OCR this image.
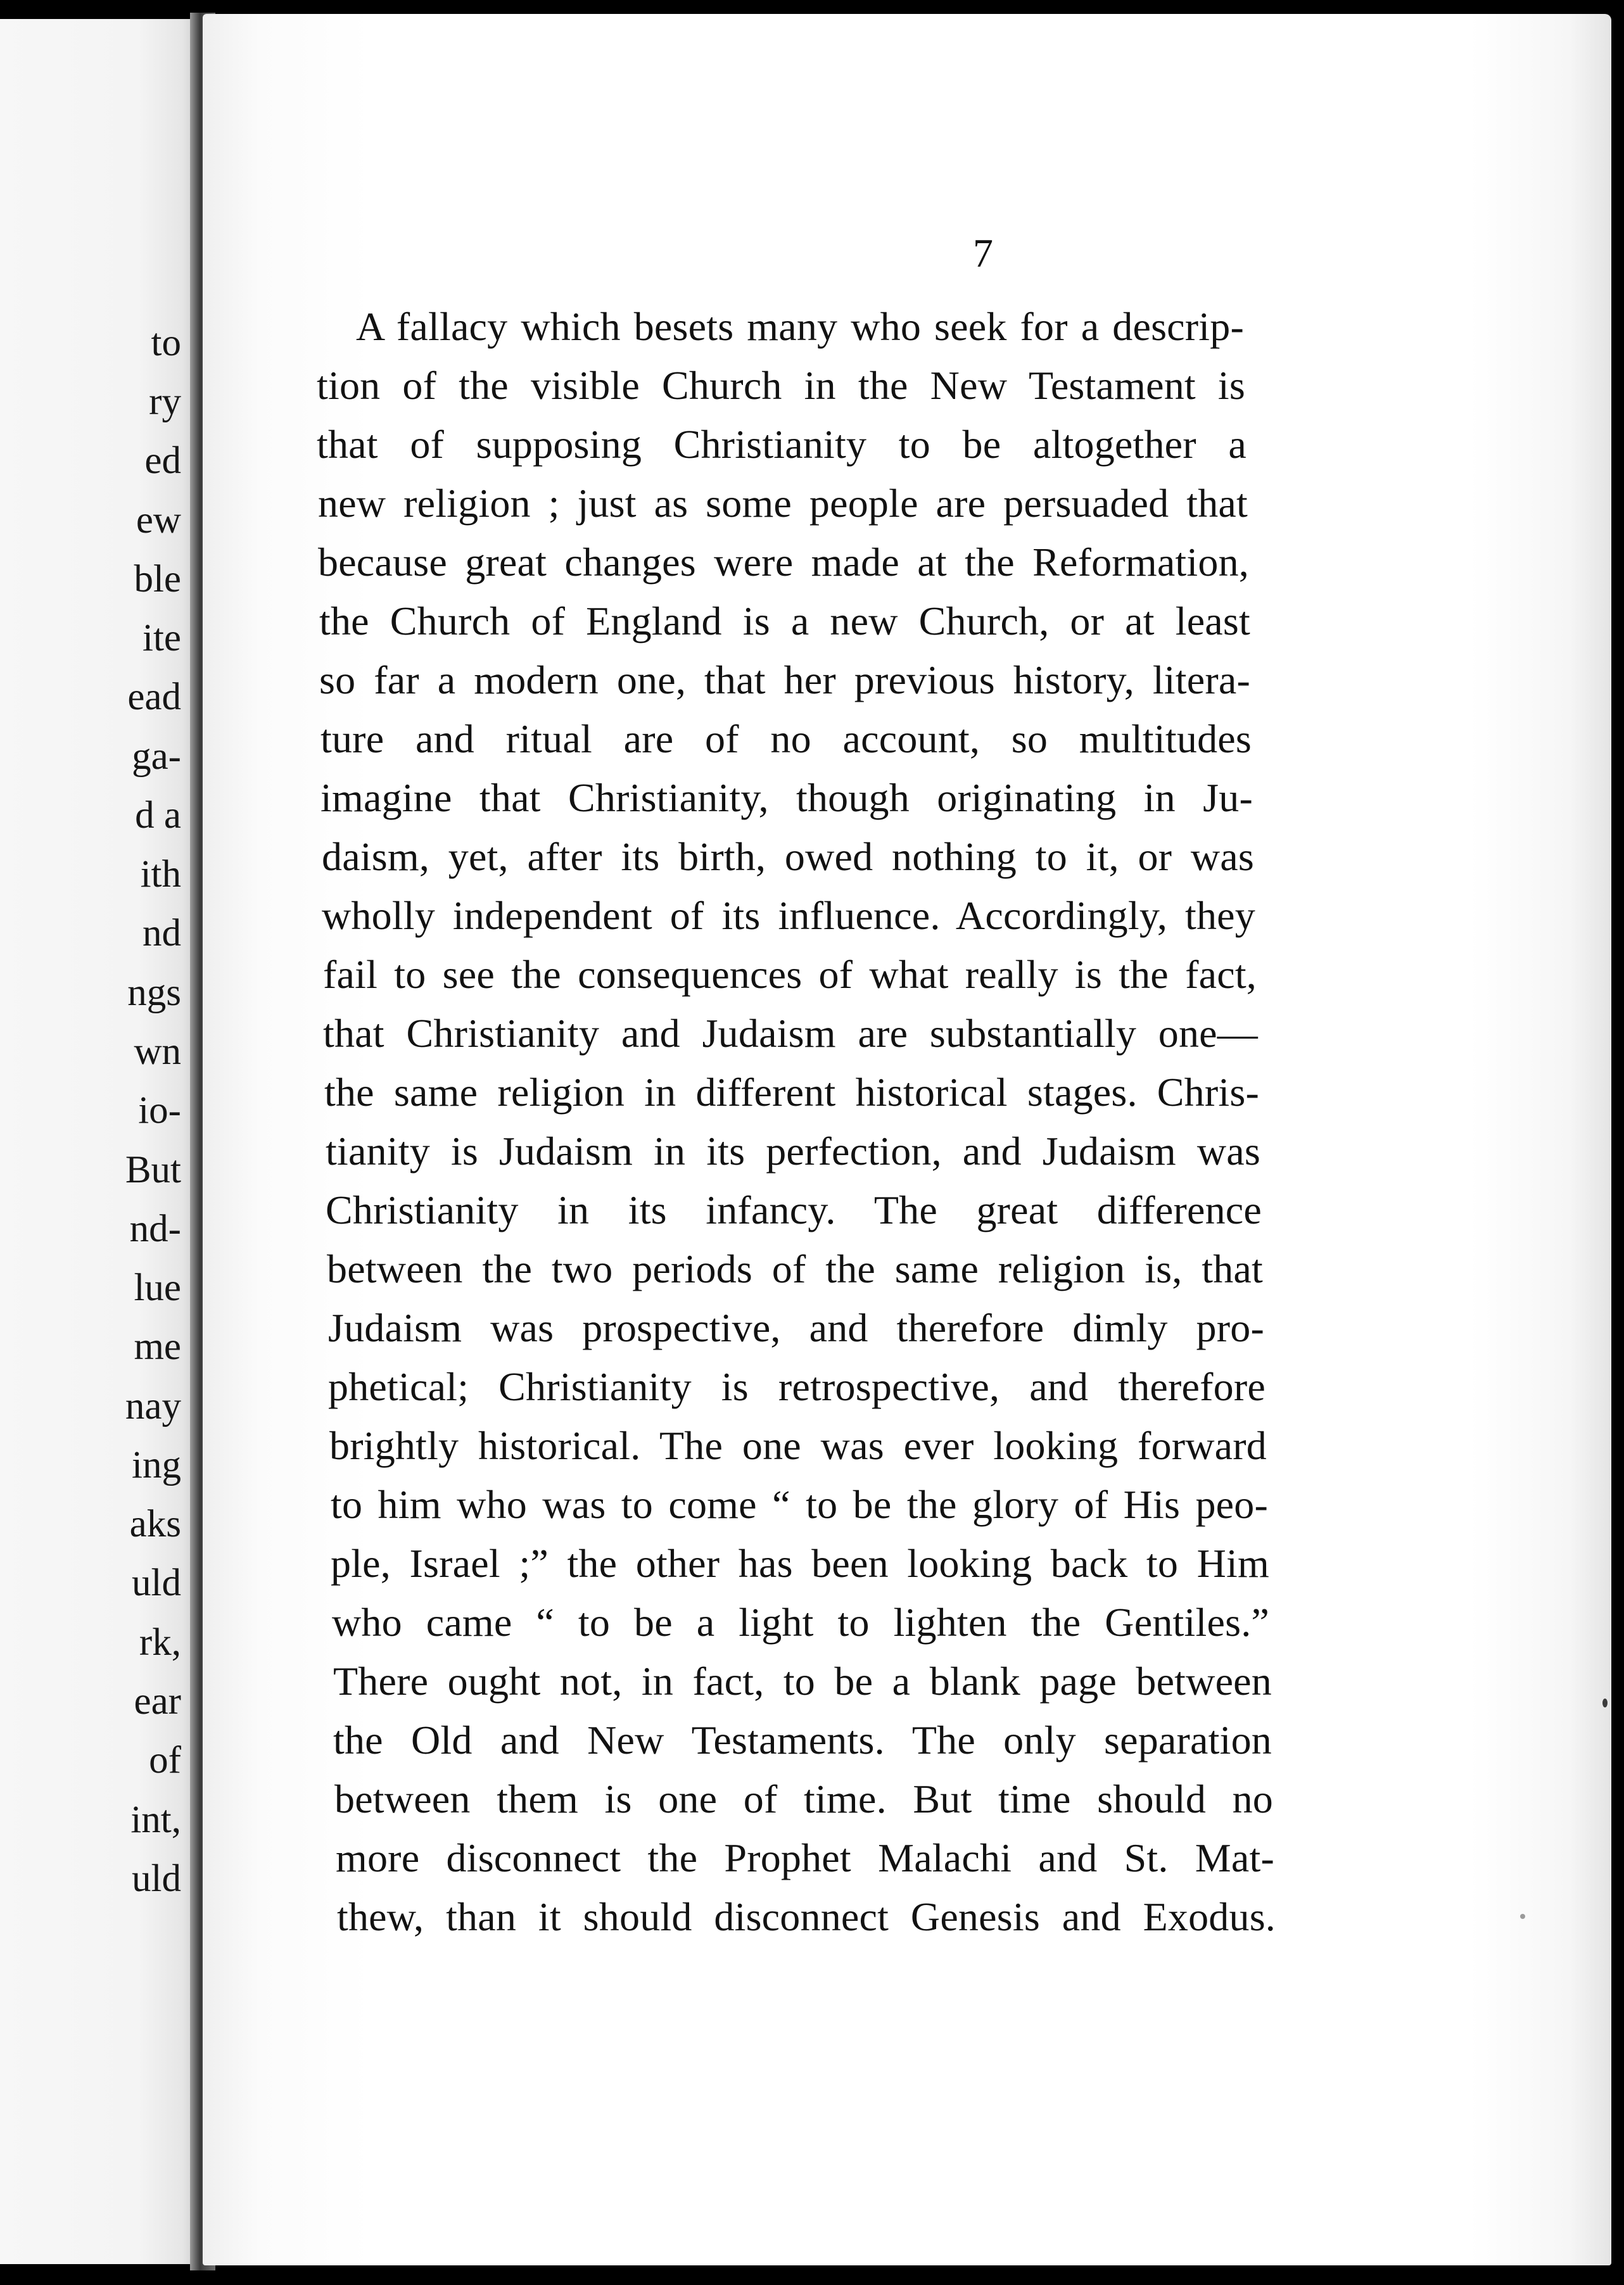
to
ry
ed
ew
ble
ite
ead
ga-
d a
ith
nd
ngs
wn
io-
But
nd-
lue
me
nay
ing
aks
uld
rk,
ear
of
int,
uld
7
A fallacy which besets many who seek for a descrip-
tion of the visible Church in the New Testament is
that of supposing Christianity to be altogether a
new religion ; just as some people are persuaded that
because great changes were made at the Reformation,
the Church of England is a new Church, or at least
so far a modern one, that her previous history, litera-
ture and ritual are of no account, so multitudes
imagine that Christianity, though originating in Ju-
daism, yet, after its birth, owed nothing to it, or was
wholly independent of its influence. Accordingly, they
fail to see the consequences of what really is the fact,
that Christianity and Judaism are substantially one—
the same religion in different historical stages. Chris-
tianity is Judaism in its perfection, and Judaism was
Christianity in its infancy. The great difference
between the two periods of the same religion is, that
Judaism was prospective, and therefore dimly pro-
phetical; Christianity is retrospective, and therefore
brightly historical. The one was ever looking forward
to him who was to come “ to be the glory of His peo-
ple, Israel ;” the other has been looking back to Him
who came “ to be a light to lighten the Gentiles.”
There ought not, in fact, to be a blank page between
the Old and New Testaments. The only separation
between them is one of time. But time should no
more disconnect the Prophet Malachi and St. Mat-
thew, than it should disconnect Genesis and Exodus.
